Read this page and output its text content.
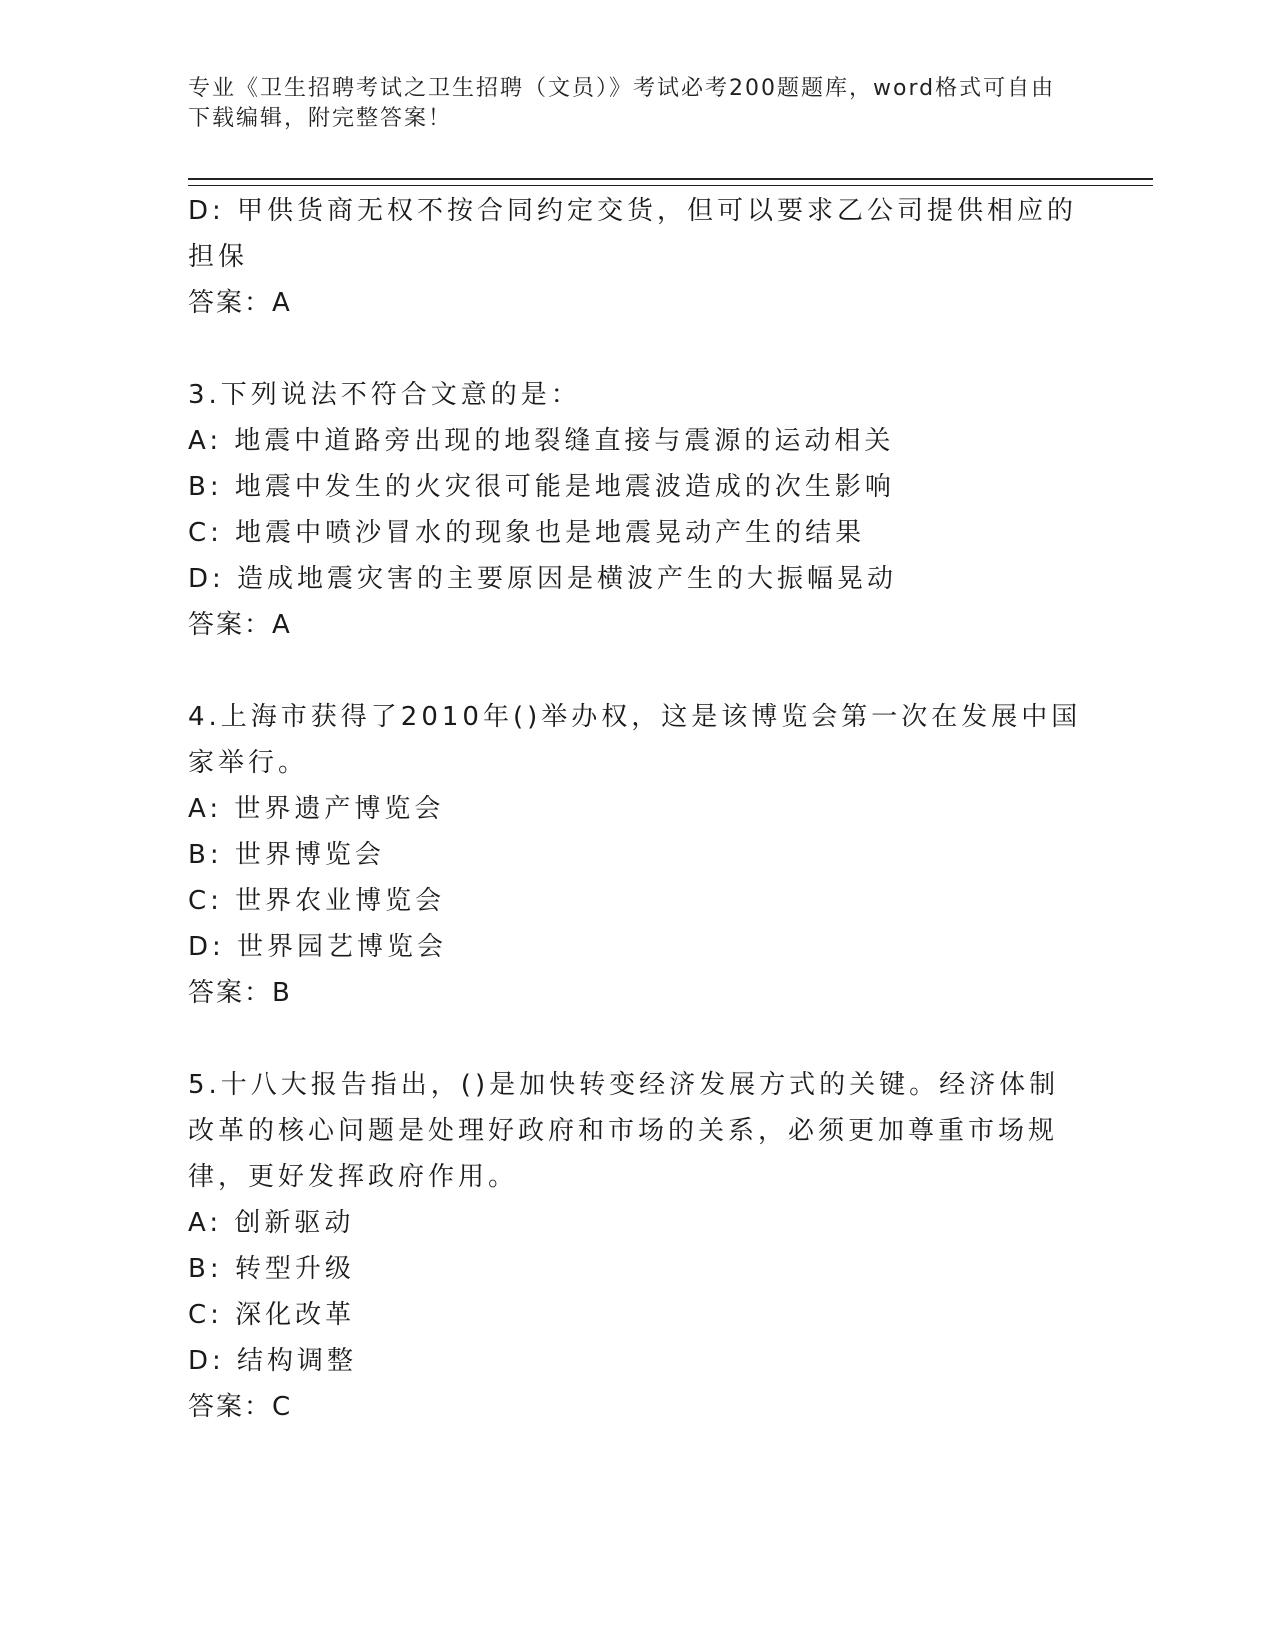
专业《卫生招聘考试之卫生招聘（文员）》考试必考200题题库，word格式可自由下载编辑，附完整答案！

D: 甲供货商无权不按合同约定交货，但可以要求乙公司提供相应的担保

答案：A

3.下列说法不符合文意的是：

A: 地震中道路旁出现的地裂缝直接与震源的运动相关

B: 地震中发生的火灾很可能是地震波造成的次生影响

C: 地震中喷沙冒水的现象也是地震晃动产生的结果

D: 造成地震灾害的主要原因是横波产生的大振幅晃动

答案：A

4.上海市获得了2010年()举办权，这是该博览会第一次在发展中国家举行。

A: 世界遗产博览会

B: 世界博览会

C: 世界农业博览会

D: 世界园艺博览会

答案：B

5.十八大报告指出，()是加快转变经济发展方式的关键。经济体制改革的核心问题是处理好政府和市场的关系，必须更加尊重市场规律，更好发挥政府作用。

A: 创新驱动

B: 转型升级

C: 深化改革

D: 结构调整

答案：C
